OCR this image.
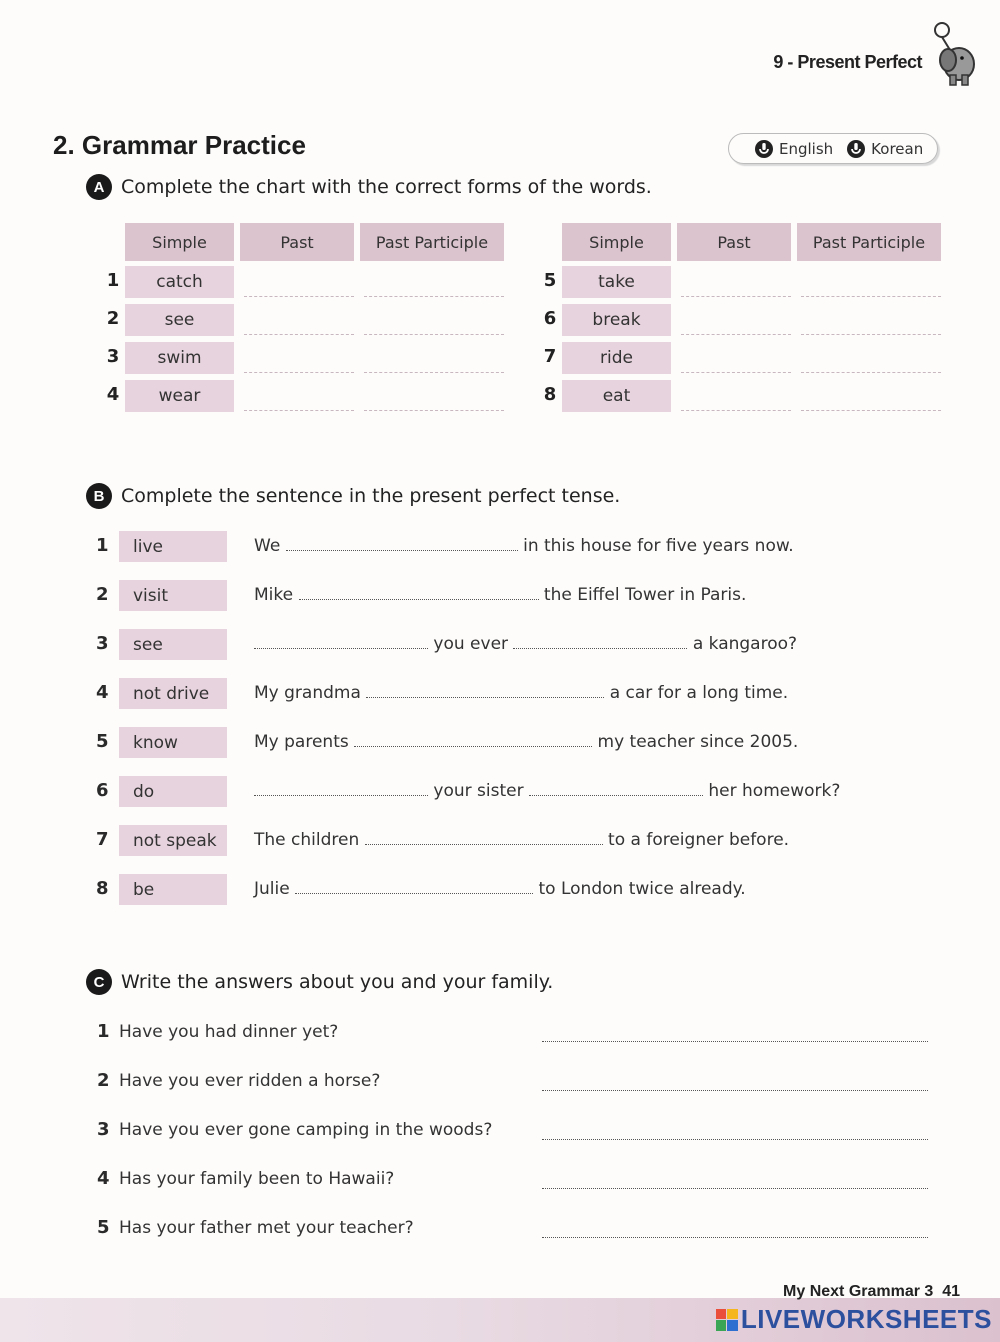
9 - Present Perfect
2. Grammar Practice	English	Korean
A Complete the chart with the correct forms of the words.
Simple	Past	Past Participle	Simple	Past	Past Participle
1	catch
2	see
3	swim
4	wear
5	take
6	break
7	ride
8	eat
B Complete the sentence in the present perfect tense.
1	live	We	in this house for five years now.
2	visit	Mike	the Eiffel Tower in Paris.
3	see	you ever	a kangaroo?
4	not drive	My grandma	a car for a long time.
5	know	My parents	my teacher since 2005.
6	do	your sister	her homework?
7	not speak	The children	to a foreigner before.
8	be	Julie	to London twice already.
C Write the answers about you and your family.
1 Have you had dinner yet?
2 Have you ever ridden a horse?
3 Have you ever gone camping in the woods?
4 Has your family been to Hawaii?
5 Has your father met your teacher?
My Next Grammar 3 41
LIVEWORKSHEETS
